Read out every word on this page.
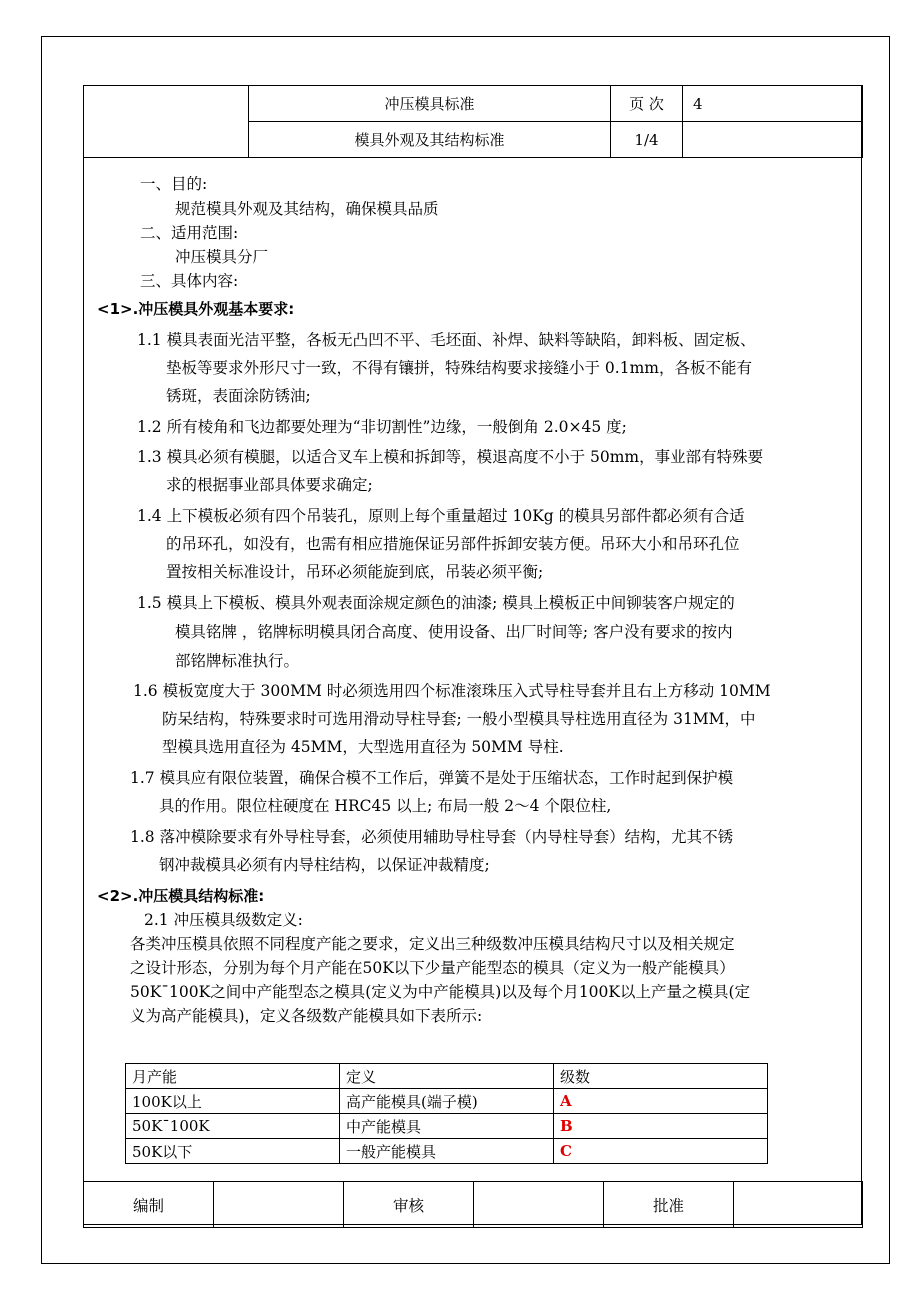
	冲压模具标准	页 次	4
	模具外观及其结构标准	1/4	
一、目的:
规范模具外观及其结构，确保模具品质
二、适用范围:
冲压模具分厂
三、具体内容:
<1>.冲压模具外观基本要求:
1.1 模具表面光洁平整，各板无凸凹不平、毛坯面、补焊、缺料等缺陷，卸料板、固定板、
垫板等要求外形尺寸一致，不得有镶拼，特殊结构要求接缝小于 0.1mm，各板不能有
锈斑，表面涂防锈油;
1.2 所有棱角和飞边都要处理为“非切割性”边缘，一般倒角 2.0×45 度;
1.3 模具必须有模腿，以适合叉车上模和拆卸等，模退高度不小于 50mm，事业部有特殊要
求的根据事业部具体要求确定;
1.4 上下模板必须有四个吊装孔，原则上每个重量超过 10Kg 的模具另部件都必须有合适
的吊环孔，如没有，也需有相应措施保证另部件拆卸安装方便。吊环大小和吊环孔位
置按相关标准设计，吊环必须能旋到底，吊装必须平衡;
1.5 模具上下模板、模具外观表面涂规定颜色的油漆; 模具上模板正中间铆装客户规定的
模具铭牌 ，铭牌标明模具闭合高度、使用设备、出厂时间等; 客户没有要求的按内
部铭牌标准执行。
1.6 模板宽度大于 300MM 时必须选用四个标准滚珠压入式导柱导套并且右上方移动 10MM
防呆结构，特殊要求时可选用滑动导柱导套; 一般小型模具导柱选用直径为 31MM，中
型模具选用直径为 45MM，大型选用直径为 50MM 导柱.
1.7 模具应有限位装置，确保合模不工作后，弹簧不是处于压缩状态，工作时起到保护模
具的作用。限位柱硬度在 HRC45 以上; 布局一般 2～4 个限位柱,
1.8 落冲模除要求有外导柱导套，必须使用辅助导柱导套（内导柱导套）结构，尤其不锈
钢冲裁模具必须有内导柱结构，以保证冲裁精度;
<2>.冲压模具结构标准:
2.1 冲压模具级数定义:
各类冲压模具依照不同程度产能之要求，定义出三种级数冲压模具结构尺寸以及相关规定
之设计形态，分别为每个月产能在50K以下少量产能型态的模具（定义为一般产能模具）
50K¯100K之间中产能型态之模具(定义为中产能模具)以及每个月100K以上产量之模具(定
义为高产能模具)，定义各级数产能模具如下表所示:
月产能	定义	级数
100K以上	高产能模具(端子模)	A
50K¯100K	中产能模具	B
50K以下	一般产能模具	C
编制		审核		批准	
